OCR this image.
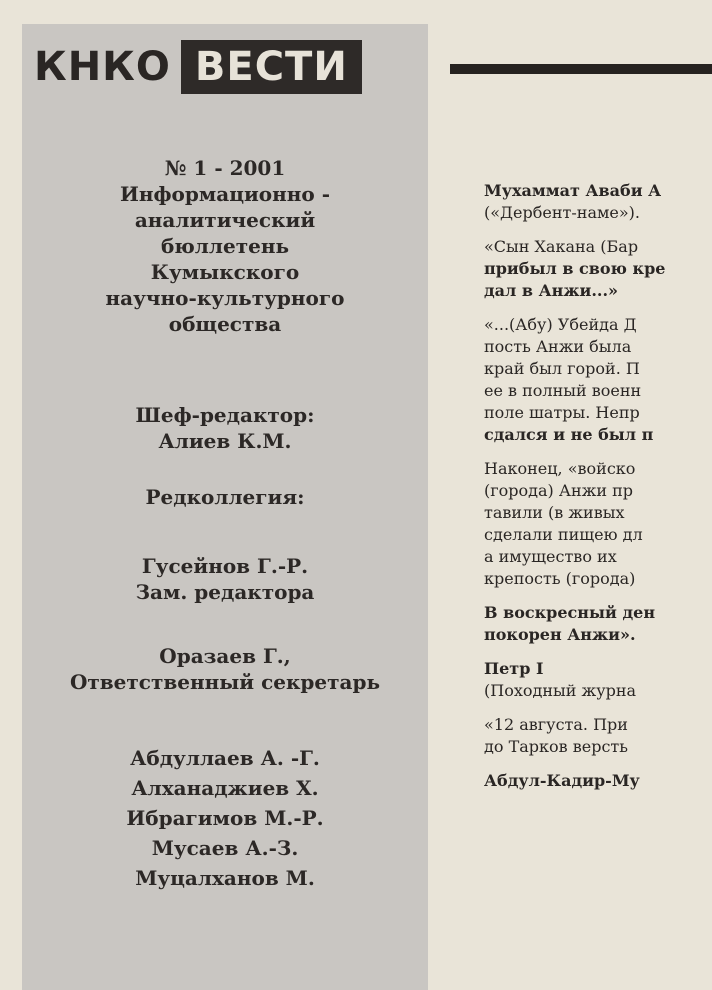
КНКО ВЕСТИ
№ 1 - 2001
Информационно -
аналитический
бюллетень
Кумыкского
научно-культурного
общества
Шеф-редактор:
Алиев К.М.
Редколлегия:
Гусейнов Г.-Р.
Зам. редактора
Оразаев Г.,
Ответственный секретарь
Абдуллаев А. -Г.
Алханаджиев Х.
Ибрагимов М.-Р.
Мусаев А.-З.
Муцалханов М.
Мухаммат Аваби А
(«Дербент-наме»).
«Сын Хакана (Бар
прибыл в свою кре
дал в Анжи...»
«...(Абу) Убейда Д
пость Анжи была
край был горой. П
ее в полный военн
поле шатры. Непр
сдался и не был п
Наконец, «войско
(города) Анжи пр
тавили (в живых
сделали пищею дл
а имущество их
крепость (города)
В воскресный ден
покорен Анжи».
Петр I
(Походный журна
«12 августа. При
до Тарков версть
Абдул-Кадир-Му
